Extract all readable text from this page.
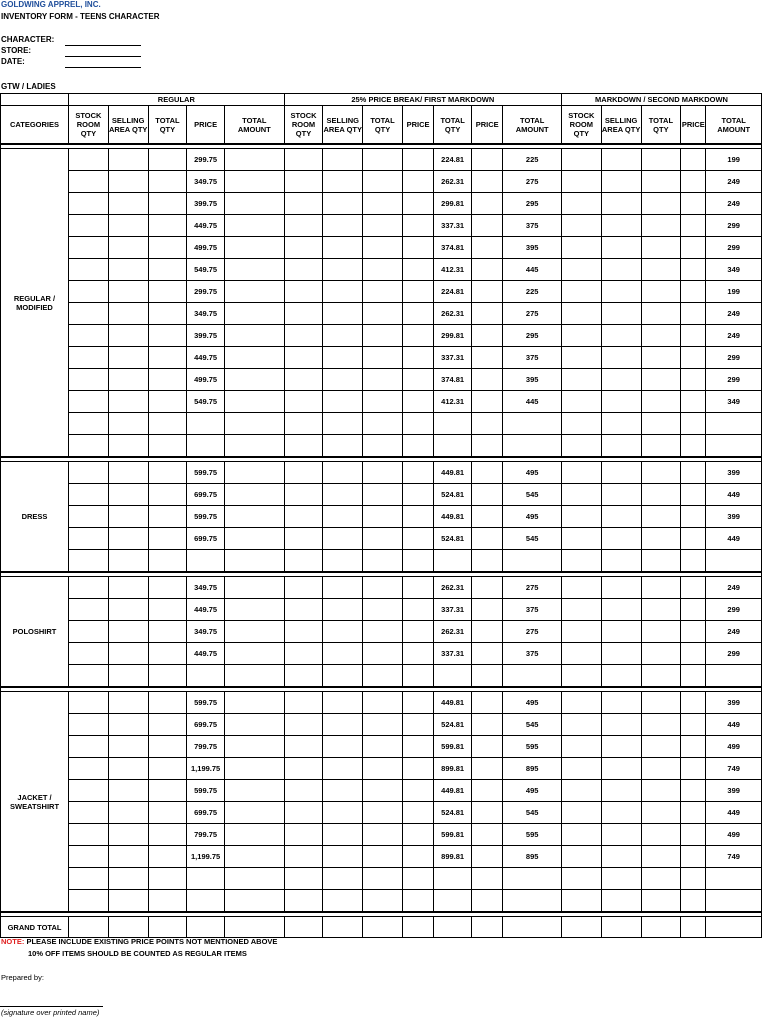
GOLDWING APPREL, INC.
INVENTORY FORM - TEENS CHARACTER
CHARACTER:
STORE:
DATE:
GTW / LADIES
	REGULAR					25% PRICE BREAK/ FIRST MARKDOWN							MARKDOWN / SECOND MARKDOWN				
CATEGORIES	STOCK ROOM QTY	SELLING AREA QTY	TOTAL QTY	PRICE	TOTAL AMOUNT	STOCK ROOM QTY	SELLING AREA QTY	TOTAL QTY	PRICE	TOTAL QTY	PRICE	TOTAL AMOUNT	STOCK ROOM QTY	SELLING AREA QTY	TOTAL QTY	PRICE	TOTAL AMOUNT

REGULAR / MODIFIED				299.75						224.81		225					199
				349.75						262.31		275					249
				399.75						299.81		295					249
				449.75						337.31		375					299
				499.75						374.81		395					299
				549.75						412.31		445					349
				299.75						224.81		225					199
				349.75						262.31		275					249
				399.75						299.81		295					249
				449.75						337.31		375					299
				499.75						374.81		395					299
				549.75						412.31		445					349

DRESS				599.75						449.81		495					399
				699.75						524.81		545					449
				599.75						449.81		495					399
				699.75						524.81		545					449

POLOSHIRT				349.75						262.31		275					249
				449.75						337.31		375					299
				349.75						262.31		275					249
				449.75						337.31		375					299

JACKET / SWEATSHIRT				599.75						449.81		495					399
				699.75						524.81		545					449
				799.75						599.81		595					499
				1,199.75						899.81		895					749
				599.75						449.81		495					399
				699.75						524.81		545					449
				799.75						599.81		595					499
				1,199.75						899.81		895					749

GRAND TOTAL																	
NOTE: PLEASE INCLUDE EXISTING PRICE POINTS NOT MENTIONED ABOVE
10% OFF ITEMS SHOULD BE COUNTED AS REGULAR ITEMS
Prepared by:
(signature over printed name)
